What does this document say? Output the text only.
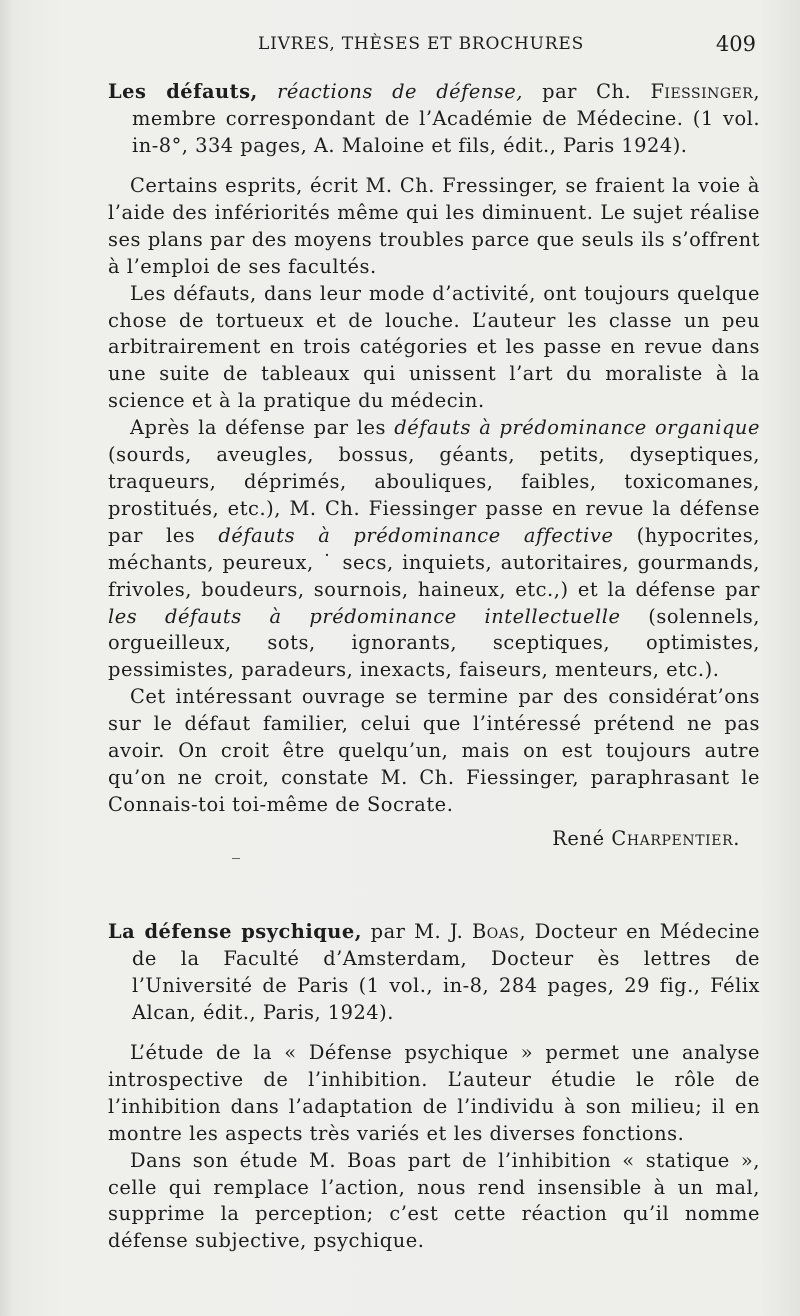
LIVRES, THÈSES ET BROCHURES	409

Les défauts, réactions de défense, par Ch. Fiessinger, membre correspondant de l’Académie de Médecine. (1 vol. in-8°, 334 pages, A. Maloine et fils, édit., Paris 1924).

Certains esprits, écrit M. Ch. Fressinger, se fraient la voie à l’aide des infériorités même qui les diminuent. Le sujet réalise ses plans par des moyens troubles parce que seuls ils s’offrent à l’emploi de ses facultés.

Les défauts, dans leur mode d’activité, ont toujours quelque chose de tortueux et de louche. L’auteur les classe un peu arbitrairement en trois catégories et les passe en revue dans une suite de tableaux qui unissent l’art du moraliste à la science et à la pratique du médecin.

Après la défense par les défauts à prédominance organique (sourds, aveugles, bossus, géants, petits, dyseptiques, traqueurs, déprimés, abouliques, faibles, toxicomanes, prostitués, etc.), M. Ch. Fiessinger passe en revue la défense par les défauts à prédominance affective (hypocrites, méchants, peureux, ˙ secs, inquiets, autoritaires, gourmands, frivoles, boudeurs, sournois, haineux, etc.,) et la défense par les défauts à prédominance intellectuelle (solennels, orgueilleux, sots, ignorants, sceptiques, optimistes, pessimistes, paradeurs, inexacts, faiseurs, menteurs, etc.).

Cet intéressant ouvrage se termine par des considérat’ons sur le défaut familier, celui que l’intéressé prétend ne pas avoir. On croit être quelqu’un, mais on est toujours autre qu’on ne croit, constate M. Ch. Fiessinger, paraphrasant le Connais-toi toi-même de Socrate.

René Charpentier.

La défense psychique, par M. J. Boas, Docteur en Médecine de la Faculté d’Amsterdam, Docteur ès lettres de l’Université de Paris (1 vol., in-8, 284 pages, 29 fig., Félix Alcan, édit., Paris, 1924).

L’étude de la « Défense psychique » permet une analyse introspective de l’inhibition. L’auteur étudie le rôle de l’inhibition dans l’adaptation de l’individu à son milieu; il en montre les aspects très variés et les diverses fonctions.

Dans son étude M. Boas part de l’inhibition « statique », celle qui remplace l’action, nous rend insensible à un mal, supprime la perception; c’est cette réaction qu’il nomme défense subjective, psychique.
